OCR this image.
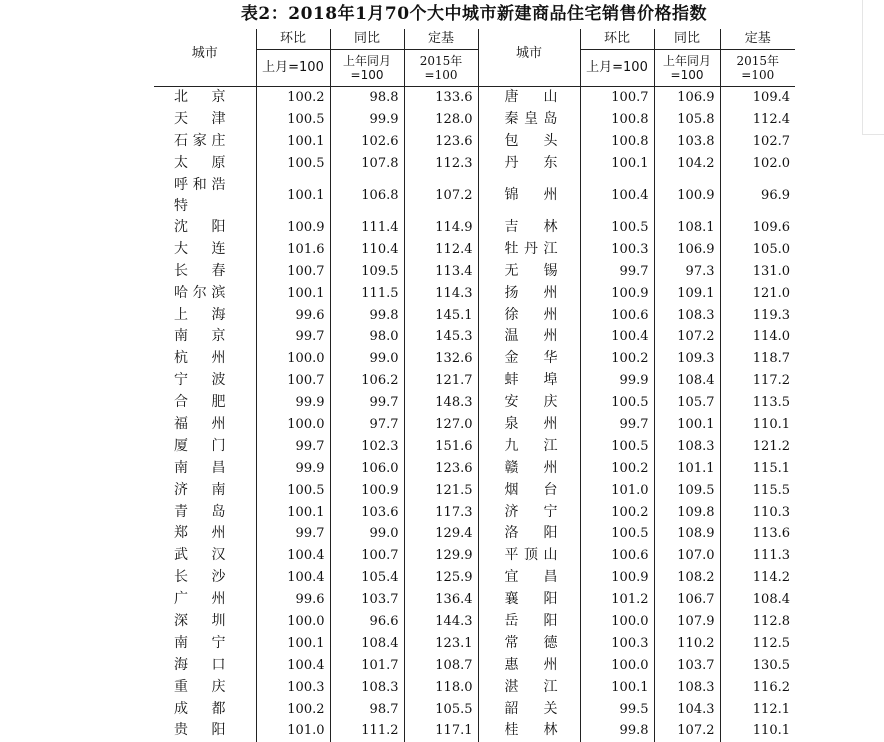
表2：2018年1月70个大中城市新建商品住宅销售价格指数
城市	环比	同比	定基	城市	环比	同比	定基
	上月=100	上年同月=100	2015年=100		上月=100	上年同月=100	2015年=100
北京	100.2	98.8	133.6	唐山	100.7	106.9	109.4
天津	100.5	99.9	128.0	秦皇岛	100.8	105.8	112.4
石家庄	100.1	102.6	123.6	包头	100.8	103.8	102.7
太原	100.5	107.8	112.3	丹东	100.1	104.2	102.0
呼和浩特	100.1	106.8	107.2	锦州	100.4	100.9	96.9
沈阳	100.9	111.4	114.9	吉林	100.5	108.1	109.6
大连	101.6	110.4	112.4	牡丹江	100.3	106.9	105.0
长春	100.7	109.5	113.4	无锡	99.7	97.3	131.0
哈尔滨	100.1	111.5	114.3	扬州	100.9	109.1	121.0
上海	99.6	99.8	145.1	徐州	100.6	108.3	119.3
南京	99.7	98.0	145.3	温州	100.4	107.2	114.0
杭州	100.0	99.0	132.6	金华	100.2	109.3	118.7
宁波	100.7	106.2	121.7	蚌埠	99.9	108.4	117.2
合肥	99.9	99.7	148.3	安庆	100.5	105.7	113.5
福州	100.0	97.7	127.0	泉州	99.7	100.1	110.1
厦门	99.7	102.3	151.6	九江	100.5	108.3	121.2
南昌	99.9	106.0	123.6	赣州	100.2	101.1	115.1
济南	100.5	100.9	121.5	烟台	101.0	109.5	115.5
青岛	100.1	103.6	117.3	济宁	100.2	109.8	110.3
郑州	99.7	99.0	129.4	洛阳	100.5	108.9	113.6
武汉	100.4	100.7	129.9	平顶山	100.6	107.0	111.3
长沙	100.4	105.4	125.9	宜昌	100.9	108.2	114.2
广州	99.6	103.7	136.4	襄阳	101.2	106.7	108.4
深圳	100.0	96.6	144.3	岳阳	100.0	107.9	112.8
南宁	100.1	108.4	123.1	常德	100.3	110.2	112.5
海口	100.4	101.7	108.7	惠州	100.0	103.7	130.5
重庆	100.3	108.3	118.0	湛江	100.1	108.3	116.2
成都	100.2	98.7	105.5	韶关	99.5	104.3	112.1
贵阳	101.0	111.2	117.1	桂林	99.8	107.2	110.1
